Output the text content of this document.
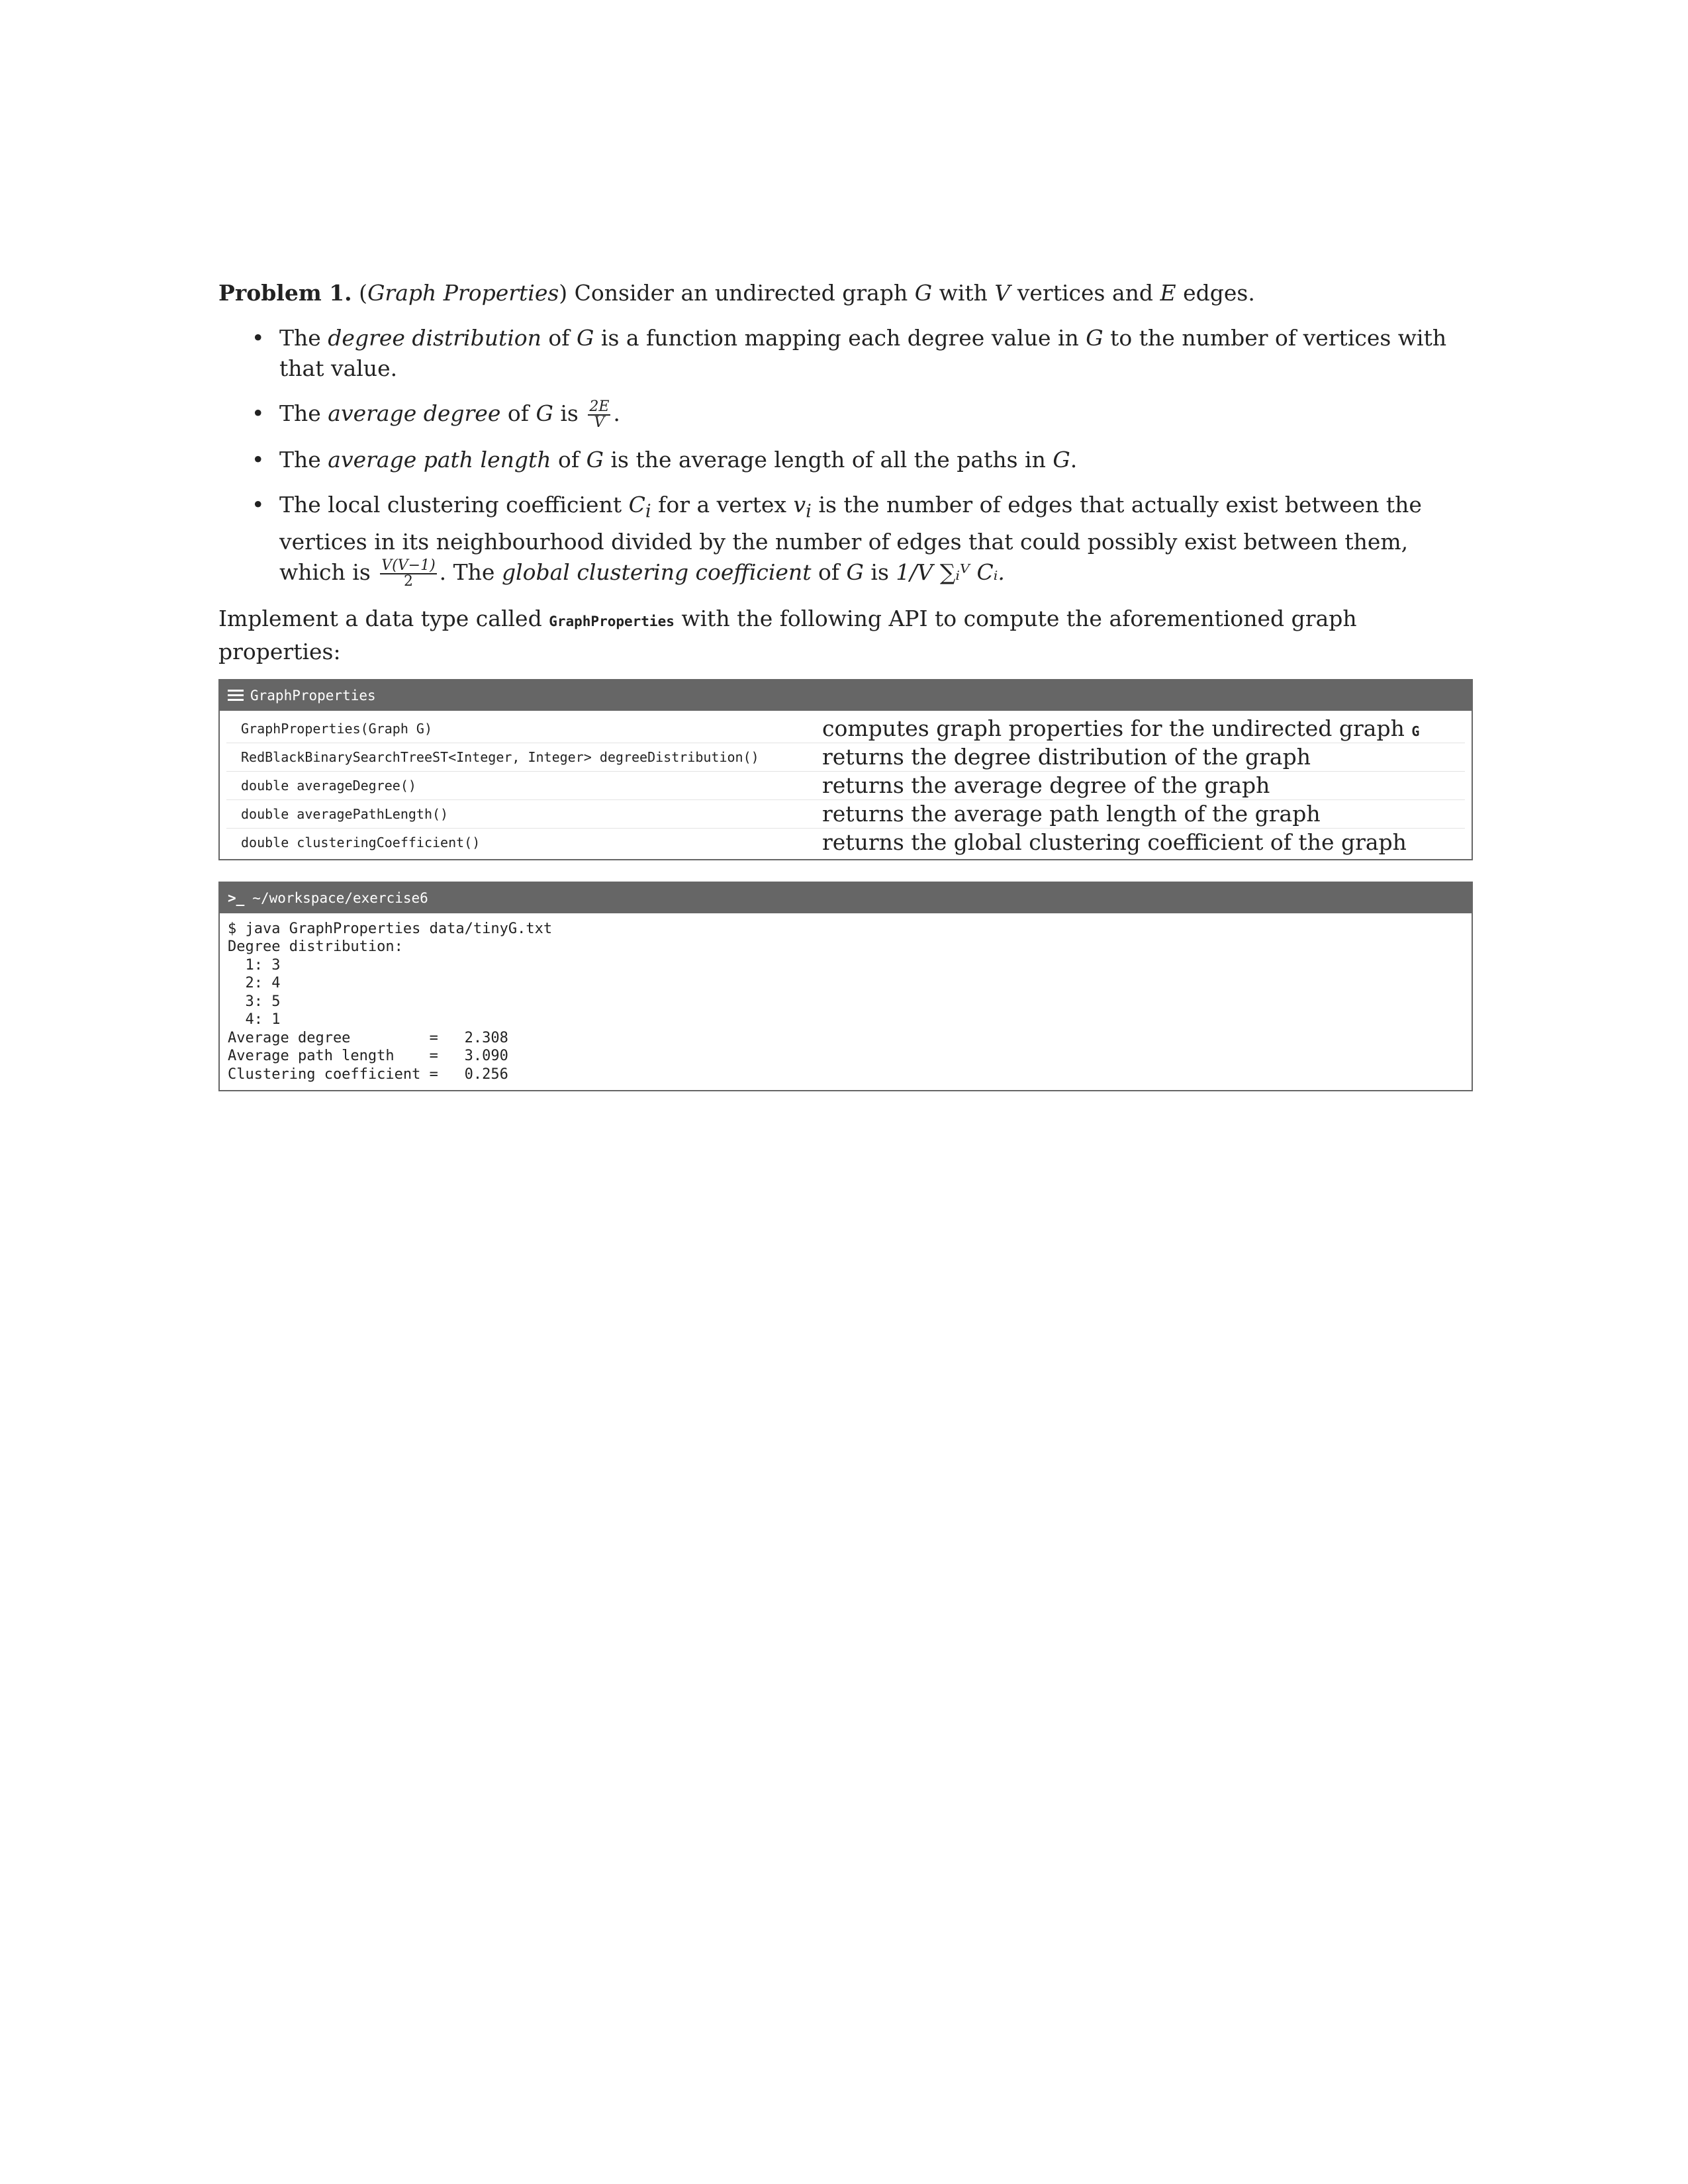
Problem 1. (Graph Properties) Consider an undirected graph G with V vertices and E edges.

• The degree distribution of G is a function mapping each degree value in G to the number of vertices with that value.
• The average degree of G is $\frac{2E}{V}$ .
• The average path length of G is the average length of all the paths in G.
• The local clustering coefficient $C_i$ for a vertex $v_i$ is the number of edges that actually exist between the vertices in its neighbourhood divided by the number of edges that could possibly exist between them, which is $\frac{V(V-1)}{2}$ . The global clustering coefficient of G is 1/V ∑ᵢⱽ Cᵢ.

Implement a data type called GraphProperties with the following API to compute the aforementioned graph properties:

GraphProperties
GraphProperties(Graph G)	computes graph properties for the undirected graph G
RedBlackBinarySearchTreeST<Integer, Integer> degreeDistribution()	returns the degree distribution of the graph
double averageDegree()	returns the average degree of the graph
double averagePathLength()	returns the average path length of the graph
double clusteringCoefficient()	returns the global clustering coefficient of the graph
>_ ~/workspace/exercise6
$ java GraphProperties data/tinyG.txt
Degree distribution:
1: 3
2: 4
3: 5
4: 1
Average degree         =   2.308
Average path length    =   3.090
Clustering coefficient =   0.256
